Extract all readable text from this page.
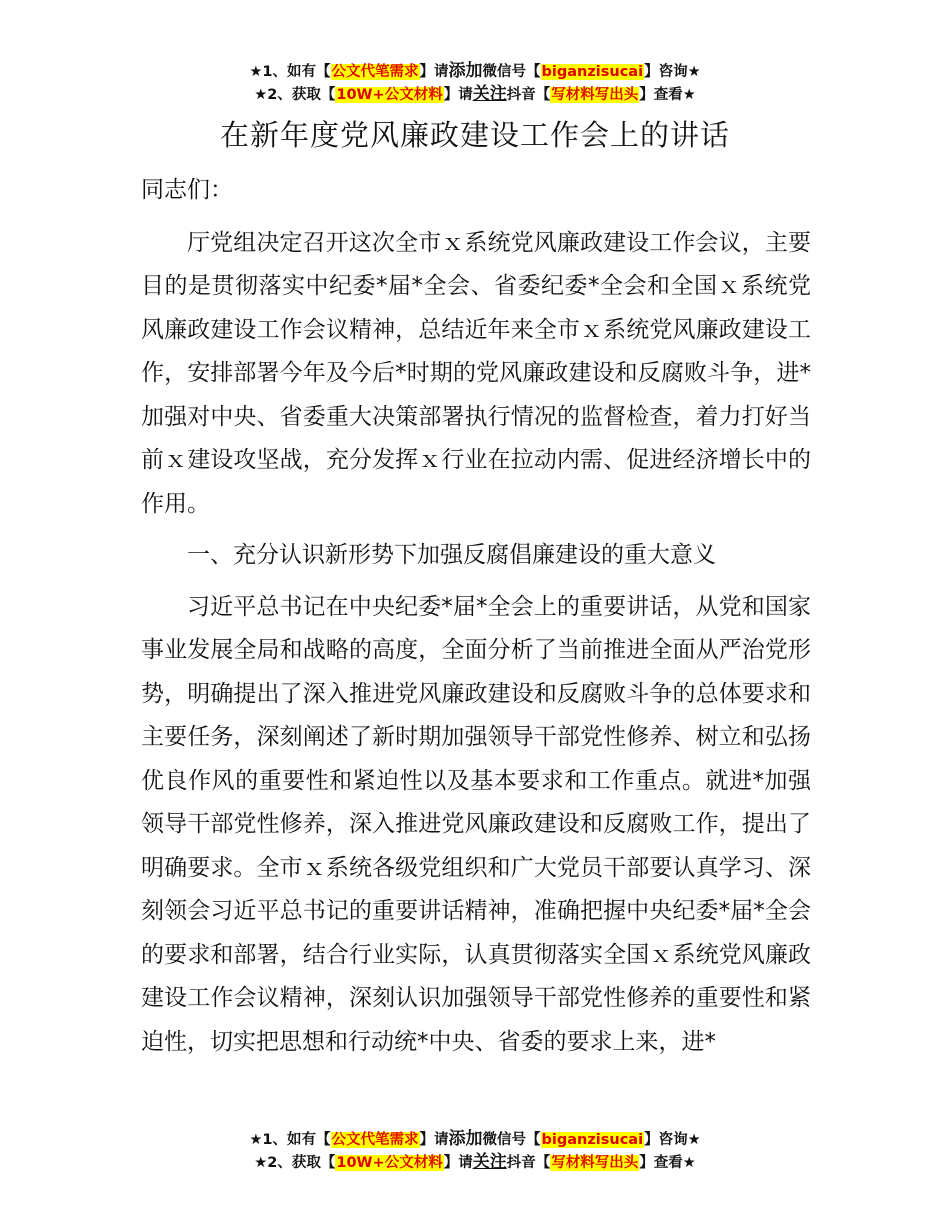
★1、如有【公文代笔需求】请添加微信号【biganzisucai】咨询★
★2、获取【10W+公文材料】请关注抖音【写材料写出头】查看★
在新年度党风廉政建设工作会上的讲话

同志们：

厅党组决定召开这次全市ｘ系统党风廉政建设工作会议，主要目的是贯彻落实中纪委*届*全会、省委纪委*全会和全国ｘ系统党风廉政建设工作会议精神，总结近年来全市ｘ系统党风廉政建设工作，安排部署今年及今后*时期的党风廉政建设和反腐败斗争，进*加强对中央、省委重大决策部署执行情况的监督检查，着力打好当前ｘ建设攻坚战，充分发挥ｘ行业在拉动内需、促进经济增长中的作用。

一、充分认识新形势下加强反腐倡廉建设的重大意义

习近平总书记在中央纪委*届*全会上的重要讲话，从党和国家事业发展全局和战略的高度，全面分析了当前推进全面从严治党形势，明确提出了深入推进党风廉政建设和反腐败斗争的总体要求和主要任务，深刻阐述了新时期加强领导干部党性修养、树立和弘扬优良作风的重要性和紧迫性以及基本要求和工作重点。就进*加强领导干部党性修养，深入推进党风廉政建设和反腐败工作，提出了明确要求。全市ｘ系统各级党组织和广大党员干部要认真学习、深刻领会习近平总书记的重要讲话精神，准确把握中央纪委*届*全会的要求和部署，结合行业实际，认真贯彻落实全国ｘ系统党风廉政建设工作会议精神，深刻认识加强领导干部党性修养的重要性和紧迫性，切实把思想和行动统*中央、省委的要求上来，进*

★1、如有【公文代笔需求】请添加微信号【biganzisucai】咨询★
★2、获取【10W+公文材料】请关注抖音【写材料写出头】查看★
